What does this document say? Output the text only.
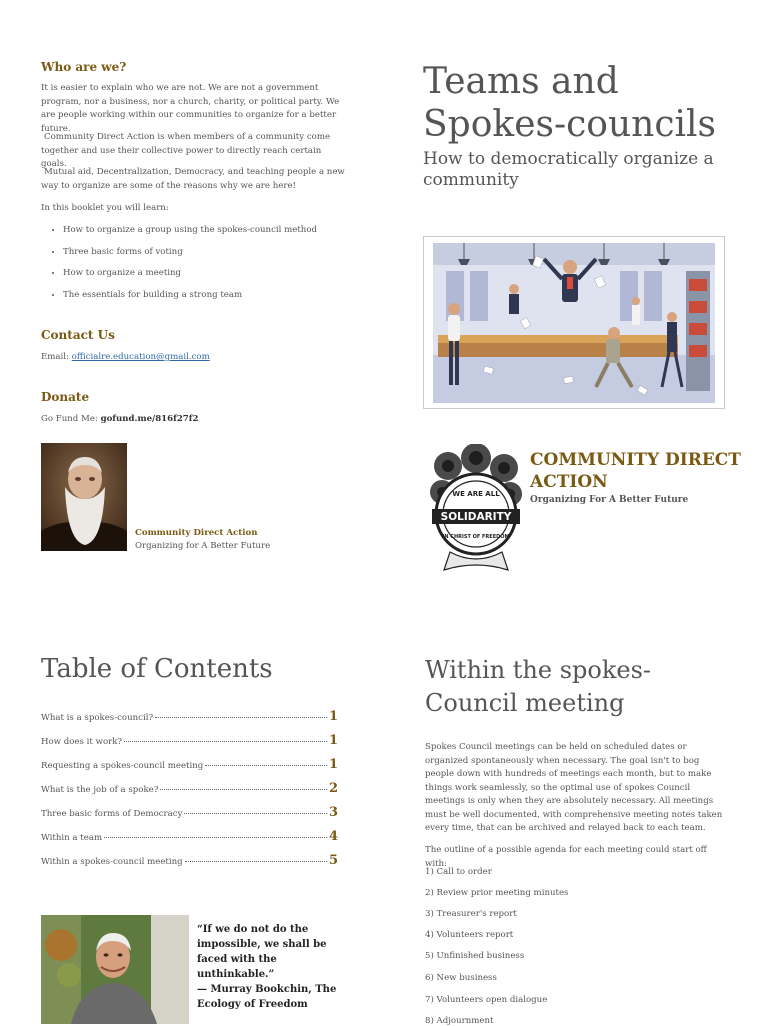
Who are we?
It is easier to explain who we are not. We are not a government program, nor a business, nor a church, charity, or political party. We are people working within our communities to organize for a better future.
Community Direct Action is when members of a community come together and use their collective power to directly reach certain goals.
Mutual aid, Decentralization, Democracy, and teaching people a new way to organize are some of the reasons why we are here!
In this booklet you will learn:
• How to organize a group using the spokes-council method
• Three basic forms of voting
• How to organize a meeting
• The essentials for building a strong team
Contact Us
Email: officialre.education@gmail.com
Donate
Go Fund Me: gofund.me/816f27f2
Community Direct Action
Organizing for A Better Future
Teams and
Spokes-councils
How to democratically organize a community
WE ARE ALL
SOLIDARITY
IN CHRIST OF FREEDOM
COMMUNITY DIRECT
ACTION
Organizing For A Better Future
Table of Contents
What is a spokes-council?	1
How does it work?	1
Requesting a spokes-council meeting	1
What is the job of a spoke?	2
Three basic forms of Democracy	3
Within a team	4
Within a spokes-council meeting	5
“If we do not do the impossible, we shall be faced with the unthinkable.”
— Murray Bookchin, The Ecology of Freedom
Within the spokes-
Council meeting
Spokes Council meetings can be held on scheduled dates or organized spontaneously when necessary. The goal isn't to bog people down with hundreds of meetings each month, but to make things work seamlessly, so the optimal use of spokes Council meetings is only when they are absolutely necessary. All meetings must be well documented, with comprehensive meeting notes taken every time, that can be archived and relayed back to each team.
The outline of a possible agenda for each meeting could start off with:
1) Call to order
2) Review prior meeting minutes
3) Treasurer's report
4) Volunteers report
5) Unfinished business
6) New business
7) Volunteers open dialogue
8) Adjournment
